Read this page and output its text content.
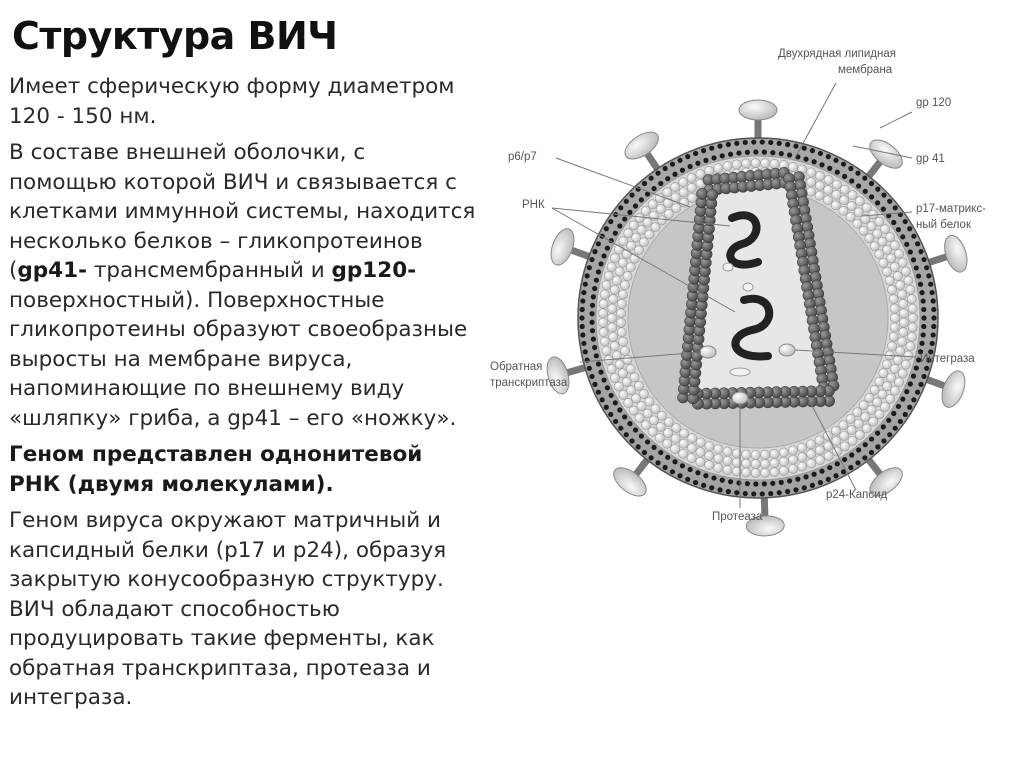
Структура ВИЧ

Имеет сферическую форму диаметром 120 - 150 нм.

В составе внешней оболочки, с помощью которой ВИЧ и связывается с клетками иммунной системы, находится несколько белков – гликопротеинов (gp41- трансмембранный и gp120- поверхностный). Поверхностные гликопротеины образуют своеобразные выросты на мембране вируса, напоминающие по внешнему виду «шляпку» гриба, а gp41 – его «ножку».

Геном представлен однонитевой РНК (двумя молекулами).

Геном вируса окружают матричный и капсидный белки (р17 и р24), образуя закрытую конусообразную структуру. ВИЧ обладают способностью продуцировать такие ферменты, как обратная транскриптаза, протеаза и интеграза.

Двухрядная липидная
мембрана
gp 120
gp 41
p17-матрикс-
ный белок
p6/p7
РНК
Обратная
транскриптаза
Интеграза
Протеаза
p24-Капсид
